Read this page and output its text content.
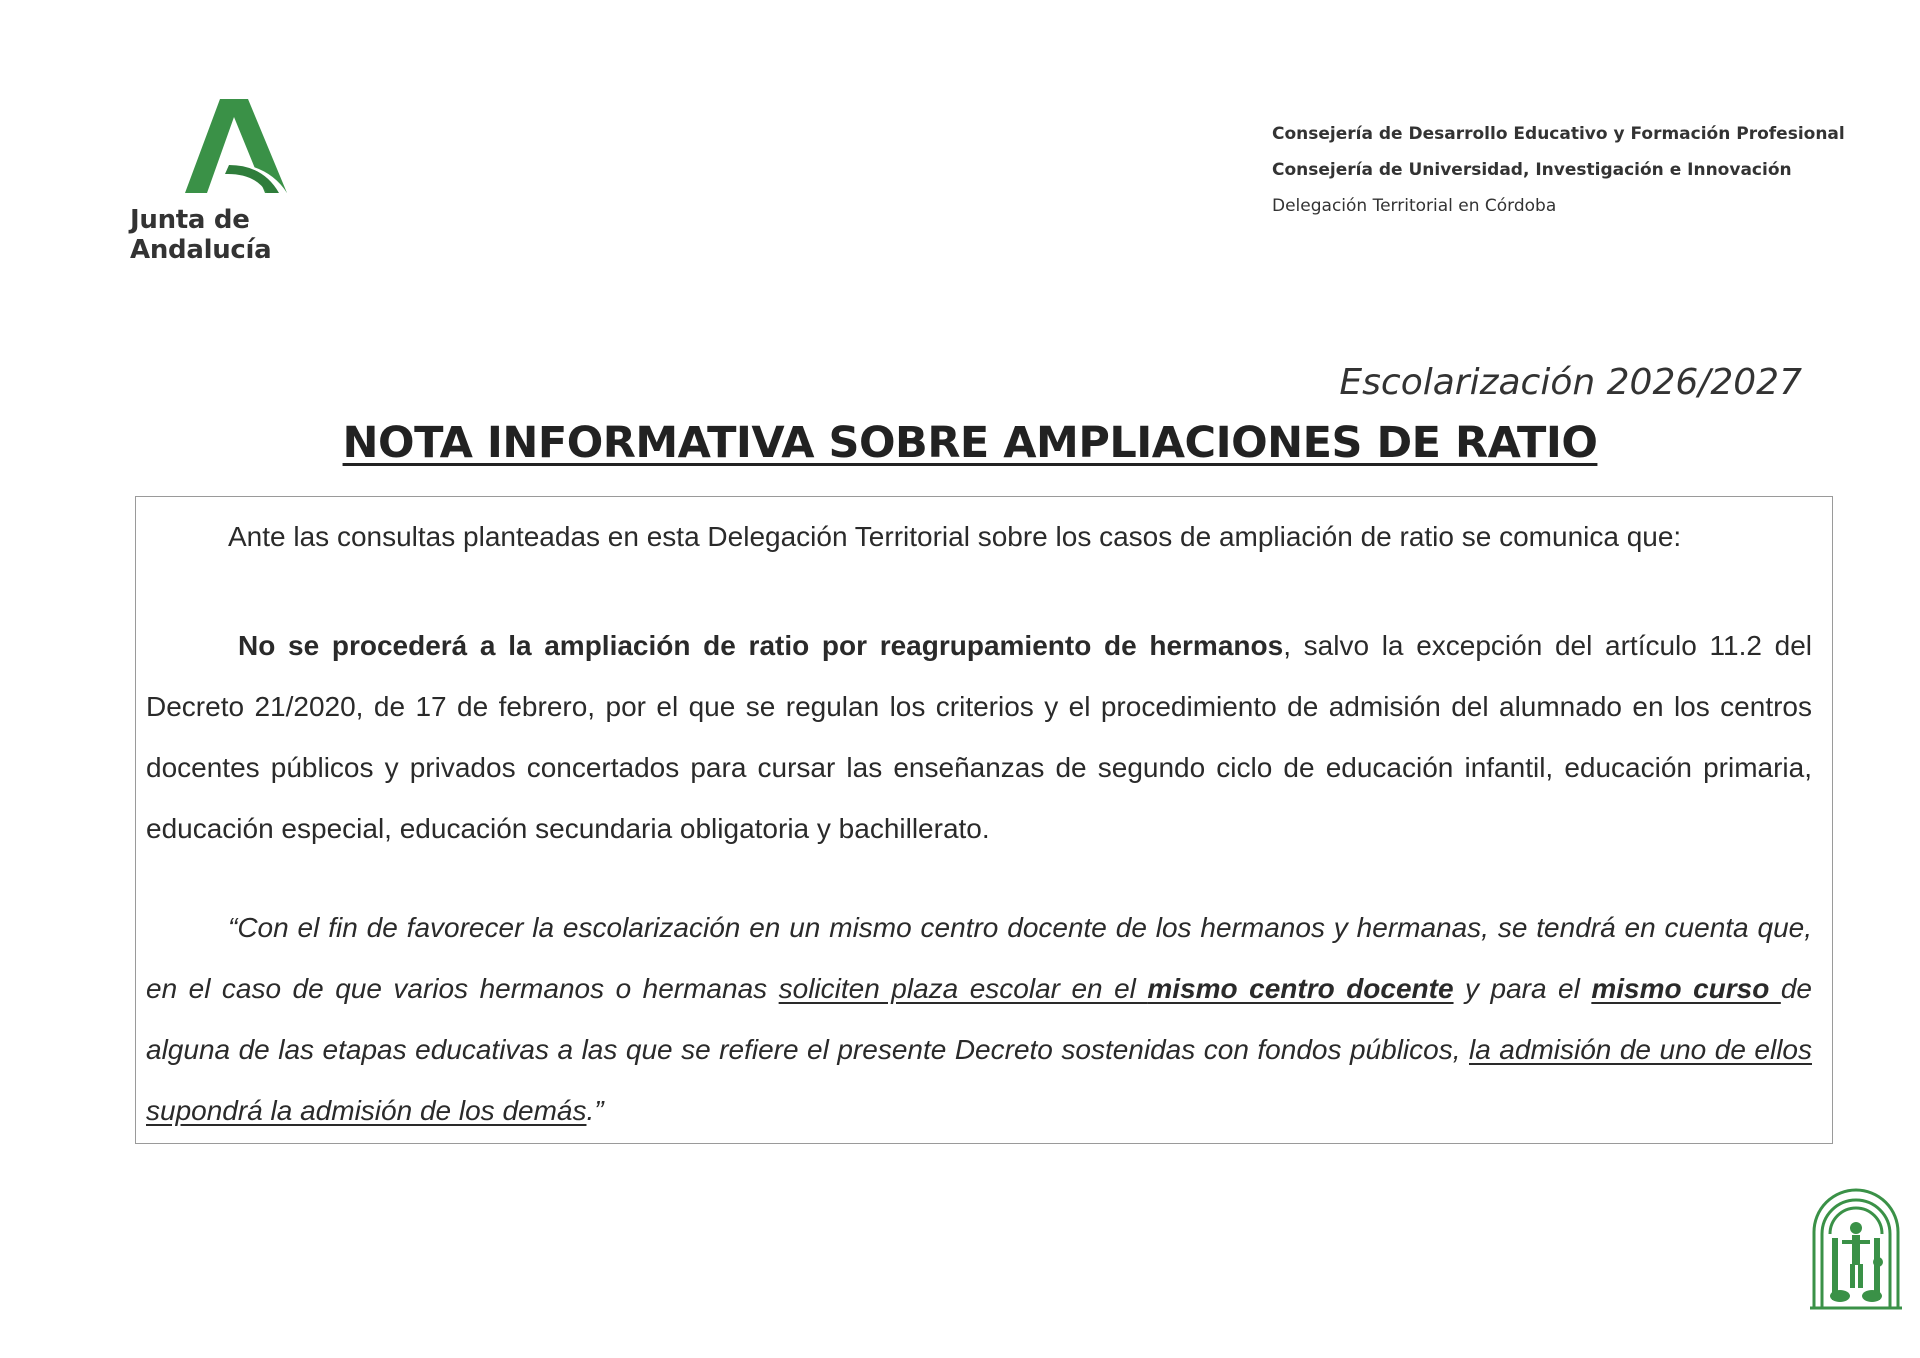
Junta de Andalucía
Consejería de Desarrollo Educativo y Formación Profesional
Consejería de Universidad, Investigación e Innovación
Delegación Territorial en Córdoba
Escolarización 2026/2027
NOTA INFORMATIVA SOBRE AMPLIACIONES DE RATIO

Ante las consultas planteadas en esta Delegación Territorial sobre los casos de ampliación de ratio se comunica que:

No se procederá a la ampliación de ratio por reagrupamiento de hermanos, salvo la excepción del artículo 11.2 del Decreto 21/2020, de 17 de febrero, por el que se regulan los criterios y el procedimiento de admisión del alumnado en los centros docentes públicos y privados concertados para cursar las enseñanzas de segundo ciclo de educación infantil, educación primaria, educación especial, educación secundaria obligatoria y bachillerato.

“Con el fin de favorecer la escolarización en un mismo centro docente de los hermanos y hermanas, se tendrá en cuenta que, en el caso de que varios hermanos o hermanas soliciten plaza escolar en el mismo centro docente y para el mismo curso de alguna de las etapas educativas a las que se refiere el presente Decreto sostenidas con fondos públicos, la admisión de uno de ellos supondrá la admisión de los demás.”
